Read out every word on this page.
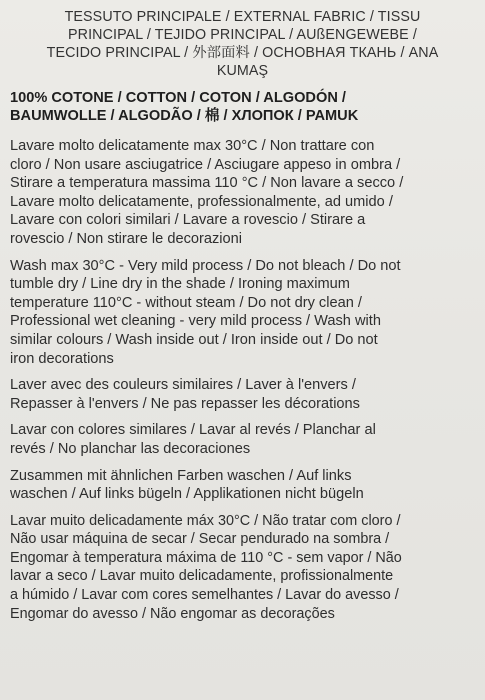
TESSUTO PRINCIPALE / EXTERNAL FABRIC / TISSU
PRINCIPAL / TEJIDO PRINCIPAL / AUßENGEWEBE /
TECIDO PRINCIPAL / 外部面料 / ОСНОВНАЯ ТКАНЬ / ANA
KUMAŞ
100% COTONE / COTTON / COTON / ALGODÓN /
BAUMWOLLE / ALGODÃO / 棉 / ХЛОПОК / PAMUK
Lavare molto delicatamente max 30°C / Non trattare con
cloro / Non usare asciugatrice / Asciugare appeso in ombra /
Stirare a temperatura massima 110 °C / Non lavare a secco /
Lavare molto delicatamente, professionalmente, ad umido /
Lavare con colori similari / Lavare a rovescio / Stirare a
rovescio / Non stirare le decorazioni
Wash max 30°C - Very mild process / Do not bleach / Do not
tumble dry / Line dry in the shade / Ironing maximum
temperature 110°C - without steam / Do not dry clean /
Professional wet cleaning - very mild process / Wash with
similar colours / Wash inside out / Iron inside out / Do not
iron decorations
Laver avec des couleurs similaires / Laver à l'envers /
Repasser à l'envers / Ne pas repasser les décorations
Lavar con colores similares / Lavar al revés / Planchar al
revés / No planchar las decoraciones
Zusammen mit ähnlichen Farben waschen / Auf links
waschen / Auf links bügeln / Applikationen nicht bügeln
Lavar muito delicadamente máx 30°C / Não tratar com cloro /
Não usar máquina de secar / Secar pendurado na sombra /
Engomar à temperatura máxima de 110 °C - sem vapor / Não
lavar a seco / Lavar muito delicadamente, profissionalmente
a húmido / Lavar com cores semelhantes / Lavar do avesso /
Engomar do avesso / Não engomar as decorações
